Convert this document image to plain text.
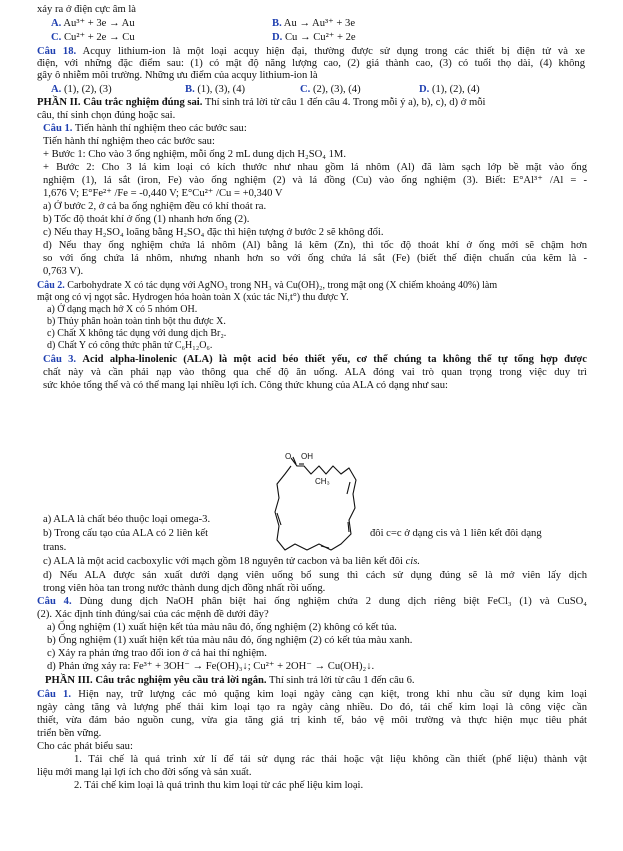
xảy ra ở điện cực âm là
A. Au³⁺ + 3e → Au	B. Au → Au³⁺ + 3e
C. Cu²⁺ + 2e → Cu	D. Cu → Cu²⁺ + 2e
Câu 18. Acquy lithium-ion là một loại acquy hiện đại, thường được sử dụng trong các thiết bị điện tử và xe
điện, với những đặc điểm sau: (1) có mật độ năng lượng cao, (2) giá thành cao, (3) có tuổi thọ dài, (4) không
gây ô nhiễm môi trường. Những ưu điểm của acquy lithium-ion là
A. (1), (2), (3)	B. (1), (3), (4)	C. (2), (3), (4)	D. (1), (2), (4)
PHẦN II. Câu trắc nghiệm đúng sai. Thí sinh trả lời từ câu 1 đến câu 4. Trong mỗi ý a), b), c), d) ở mỗi
câu, thí sinh chọn đúng hoặc sai.
Câu 1. Tiến hành thí nghiệm theo các bước sau:
Tiến hành thí nghiệm theo các bước sau:
+ Bước 1: Cho vào 3 ống nghiệm, mỗi ống 2 mL dung dịch H₂SO₄ 1M.
+ Bước 2: Cho 3 lá kim loại có kích thước như nhau gồm lá nhôm (Al) đã làm sạch lớp bề mặt vào ống
nghiệm (1), lá sắt (iron, Fe) vào ống nghiệm (2) và lá đồng (Cu) vào ống nghiệm (3). Biết: E°Al³⁺ /Al = -
1,676 V; E°Fe²⁺ /Fe = -0,440 V; E°Cu²⁺ /Cu = +0,340 V
a) Ở bước 2, ở cả ba ống nghiệm đều có khí thoát ra.
b) Tốc độ thoát khí ở ống (1) nhanh hơn ống (2).
c) Nếu thay H₂SO₄ loãng bằng H₂SO₄ đặc thì hiện tượng ở bước 2 sẽ không đổi.
d) Nếu thay ống nghiệm chứa lá nhôm (Al) bằng lá kẽm (Zn), thì tốc độ thoát khí ở ống mới sẽ chậm hơn
so với ống chứa lá nhôm, nhưng nhanh hơn so với ống chứa lá sắt (Fe) (biết thế điện chuẩn của kẽm là -
0,763 V).
Câu 2. Carbohydrate X có tác dụng với AgNO₃ trong NH₃ và Cu(OH)₂, trong mật ong (X chiếm khoảng 40%) làm
mật ong có vị ngọt sắc. Hydrogen hóa hoàn toàn X (xúc tác Ni,t°) thu được Y.
a) Ở dạng mạch hở X có 5 nhóm OH.
b) Thủy phân hoàn toàn tinh bột thu được X.
c) Chất X không tác dụng với dung dịch Br₂.
d) Chất Y có công thức phân tử C₆H₁₂O₆.
Câu 3. Acid alpha-linolenic (ALA) là một acid béo thiết yếu, cơ thể chúng ta không thể tự tổng hợp được
chất này và cần phải nạp vào thông qua chế độ ăn uống. ALA đóng vai trò quan trọng trong việc duy trì
sức khỏe tổng thể và có thể mang lại nhiều lợi ích. Công thức khung của ALA có dạng như sau:
O OH
CH₃
a) ALA là chất béo thuộc loại omega-3.
b) Trong cấu tạo của ALA có 2 liên kết	đôi c=c ở dạng cis và 1 liên kết đôi dạng
trans.
c) ALA là một acid cacboxylic với mạch gồm 18 nguyên tử cacbon và ba liên kết đôi cis.
d) Nếu ALA được sản xuất dưới dạng viên uống bổ sung thì cách sử dụng đúng sẽ là mở viên lấy dịch
trong viên hòa tan trong nước thành dung dịch đồng nhất rồi uống.
Câu 4. Dùng dung dịch NaOH phân biệt hai ống nghiệm chứa 2 dung dịch riêng biệt FeCl₃ (1) và CuSO₄
(2). Xác định tính đúng/sai của các mệnh đề dưới đây?
a) Ống nghiệm (1) xuất hiện kết tủa màu nâu đỏ, ống nghiệm (2) không có kết tủa.
b) Ống nghiệm (1) xuất hiện kết tủa màu nâu đỏ, ống nghiệm (2) có kết tủa màu xanh.
c) Xảy ra phản ứng trao đổi ion ở cả hai thí nghiệm.
d) Phản ứng xảy ra: Fe³⁺ + 3OH⁻ → Fe(OH)₃↓; Cu²⁺ + 2OH⁻ → Cu(OH)₂↓.
PHẦN III. Câu trắc nghiệm yêu cầu trả lời ngắn. Thí sinh trả lời từ câu 1 đến câu 6.
Câu 1. Hiện nay, trữ lượng các mỏ quặng kim loại ngày càng cạn kiệt, trong khi nhu cầu sử dụng kim loại
ngày càng tăng và lượng phế thải kim loại tạo ra ngày càng nhiều. Do đó, tái chế kim loại là công việc cần
thiết, vừa đảm bảo nguồn cung, vừa gia tăng giá trị kinh tế, bảo vệ môi trường và thực hiện mục tiêu phát
triển bền vững.
Cho các phát biểu sau:
1. Tái chế là quá trình xử lí để tái sử dụng rác thải hoặc vật liệu không cần thiết (phế liệu) thành vật
liệu mới mang lại lợi ích cho đời sống và sản xuất.
2. Tái chế kim loại là quá trình thu kim loại từ các phế liệu kim loại.
